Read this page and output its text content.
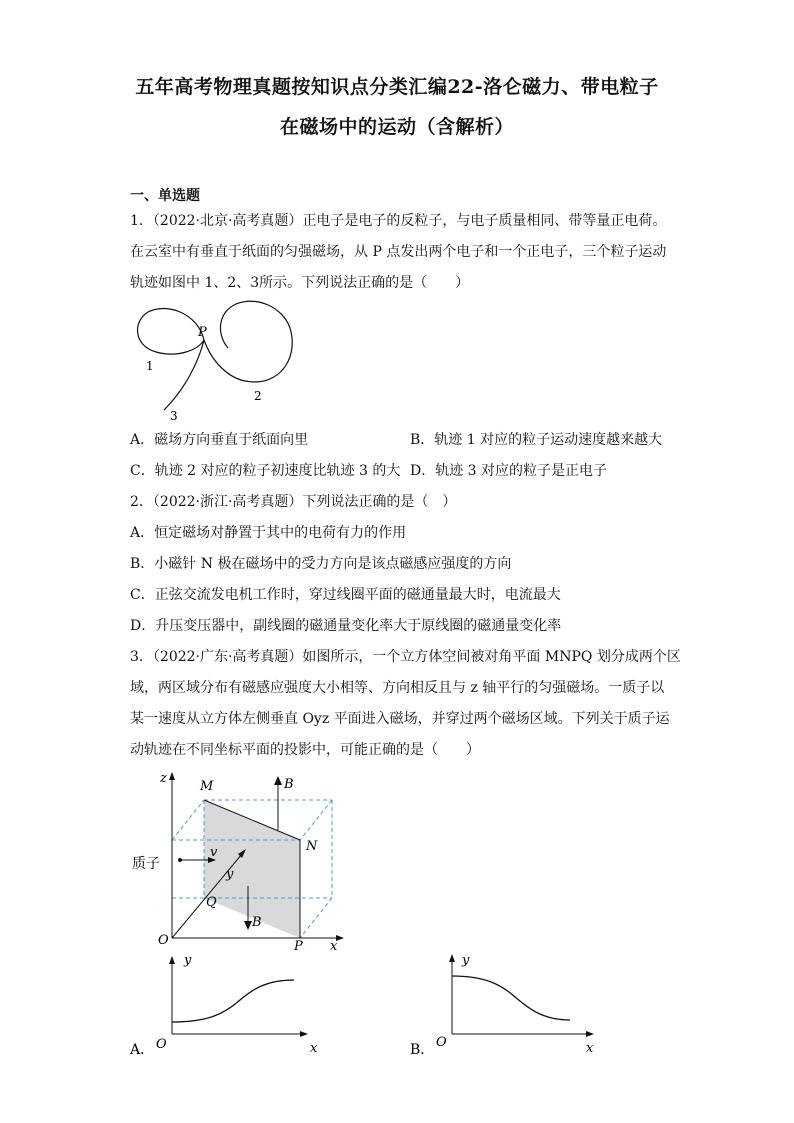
五年高考物理真题按知识点分类汇编22-洛仑磁力、带电粒子
在磁场中的运动（含解析）
一、单选题
1．（2022·北京·高考真题）正电子是电子的反粒子，与电子质量相同、带等量正电荷。
在云室中有垂直于纸面的匀强磁场，从 P 点发出两个电子和一个正电子，三个粒子运动
轨迹如图中 1、2、3所示。下列说法正确的是（　　）
P
1
2
3
A．磁场方向垂直于纸面向里	B．轨迹 1 对应的粒子运动速度越来越大
C．轨迹 2 对应的粒子初速度比轨迹 3 的大 D．轨迹 3 对应的粒子是正电子
2．（2022·浙江·高考真题）下列说法正确的是（　）
A．恒定磁场对静置于其中的电荷有力的作用
B．小磁针 N 极在磁场中的受力方向是该点磁感应强度的方向
C．正弦交流发电机工作时，穿过线圈平面的磁通量最大时，电流最大
D．升压变压器中，副线圈的磁通量变化率大于原线圈的磁通量变化率
3．（2022·广东·高考真题）如图所示，一个立方体空间被对角平面 MNPQ 划分成两个区
域，两区域分布有磁感应强度大小相等、方向相反且与 z 轴平行的匀强磁场。一质子以
某一速度从立方体左侧垂直 Oyz 平面进入磁场，并穿过两个磁场区域。下列关于质子运
动轨迹在不同坐标平面的投影中，可能正确的是（　　）
z
M	B
N
质子
v
y
Q
B
O	P x
y
O	x
A．
y
O	x
B．
